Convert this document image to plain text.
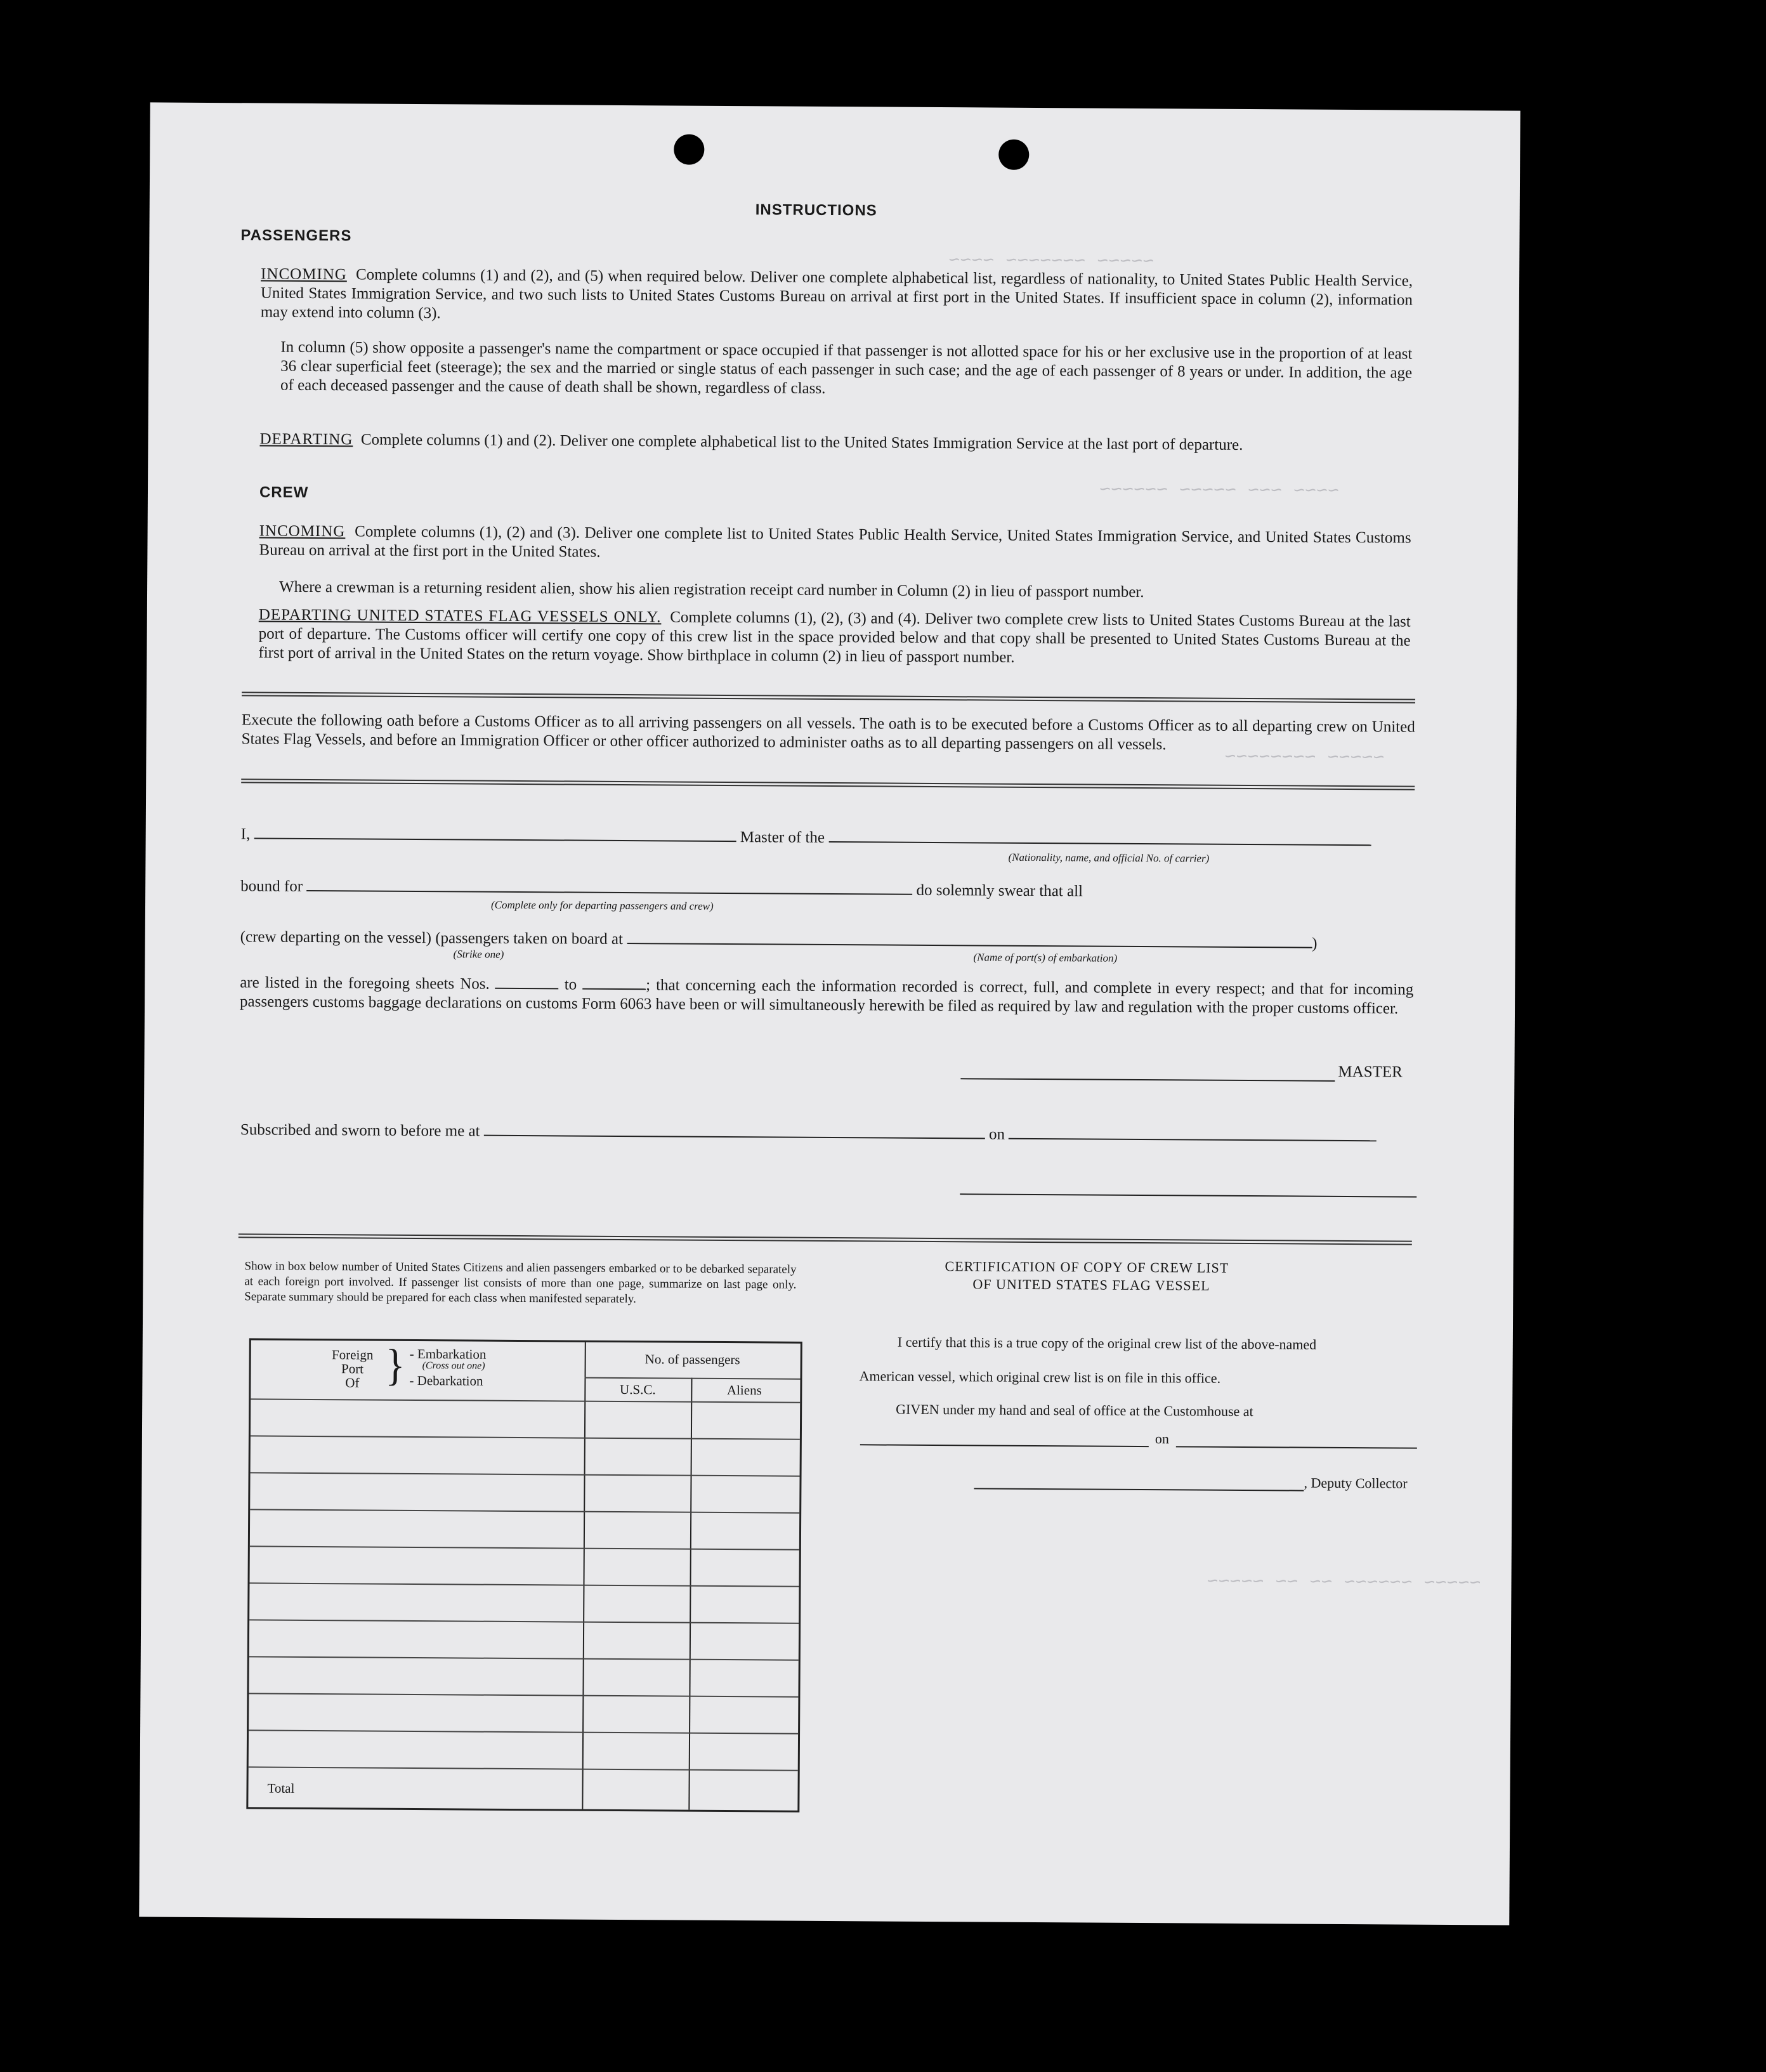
~~~~ ~~~~~~~ ~~~~~
~~~~~~ ~~~~~ ~~~ ~~~~
~~~~~~~~ ~~~~~
~~~~~ ~~ ~~ ~~~~~~ ~~~~~
INSTRUCTIONS
PASSENGERS
INCOMING Complete columns (1) and (2), and (5) when required below. Deliver one complete alphabetical list, regardless of nationality, to United States Public Health Service, United States Immigration Service, and two such lists to United States Customs Bureau on arrival at first port in the United States. If insufficient space in column (2), information may extend into column (3).
In column (5) show opposite a passenger's name the compartment or space occupied if that passenger is not allotted space for his or her exclusive use in the proportion of at least 36 clear superficial feet (steerage); the sex and the married or single status of each passenger in such case; and the age of each passenger of 8 years or under. In addition, the age of each deceased passenger and the cause of death shall be shown, regardless of class.
DEPARTING Complete columns (1) and (2). Deliver one complete alphabetical list to the United States Immigration Service at the last port of departure.
CREW
INCOMING Complete columns (1), (2) and (3). Deliver one complete list to United States Public Health Service, United States Immigration Service, and United States Customs Bureau on arrival at the first port in the United States.
Where a crewman is a returning resident alien, show his alien registration receipt card number in Column (2) in lieu of passport number.
DEPARTING UNITED STATES FLAG VESSELS ONLY. Complete columns (1), (2), (3) and (4). Deliver two complete crew lists to United States Customs Bureau at the last port of departure. The Customs officer will certify one copy of this crew list in the space provided below and that copy shall be presented to United States Customs Bureau at the first port of arrival in the United States on the return voyage. Show birthplace in column (2) in lieu of passport number.
Execute the following oath before a Customs Officer as to all arriving passengers on all vessels. The oath is to be executed before a Customs Officer as to all departing crew on United States Flag Vessels, and before an Immigration Officer or other officer authorized to administer oaths as to all departing passengers on all vessels.
I,	Master of the
(Nationality, name, and official No. of carrier)
bound for	do solemnly swear that all
(Complete only for departing passengers and crew)
(crew departing on the vessel) (passengers taken on board at	)
(Strike one)	(Name of port(s) of embarkation)
are listed in the foregoing sheets Nos.	to	; that concerning each the information recorded is correct, full, and complete in every respect; and that for incoming passengers customs baggage declarations on customs Form 6063 have been or will simultaneously herewith be filed as required by law and regulation with the proper customs officer.
MASTER
Subscribed and sworn to before me at	on
Show in box below number of United States Citizens and alien passengers embarked or to be debarked separately at each foreign port involved. If passenger list consists of more than one page, summarize on last page only. Separate summary should be prepared for each class when manifested separately.
Foreign
Port
Of } - Embarkation
(Cross out one)
- Debarkation
No. of passengers
U.S.C.	Aliens
Total
CERTIFICATION OF COPY OF CREW LIST
OF UNITED STATES FLAG VESSEL
I certify that this is a true copy of the original crew list of the above-named
American vessel, which original crew list is on file in this office.
GIVEN under my hand and seal of office at the Customhouse at
on
, Deputy Collector
